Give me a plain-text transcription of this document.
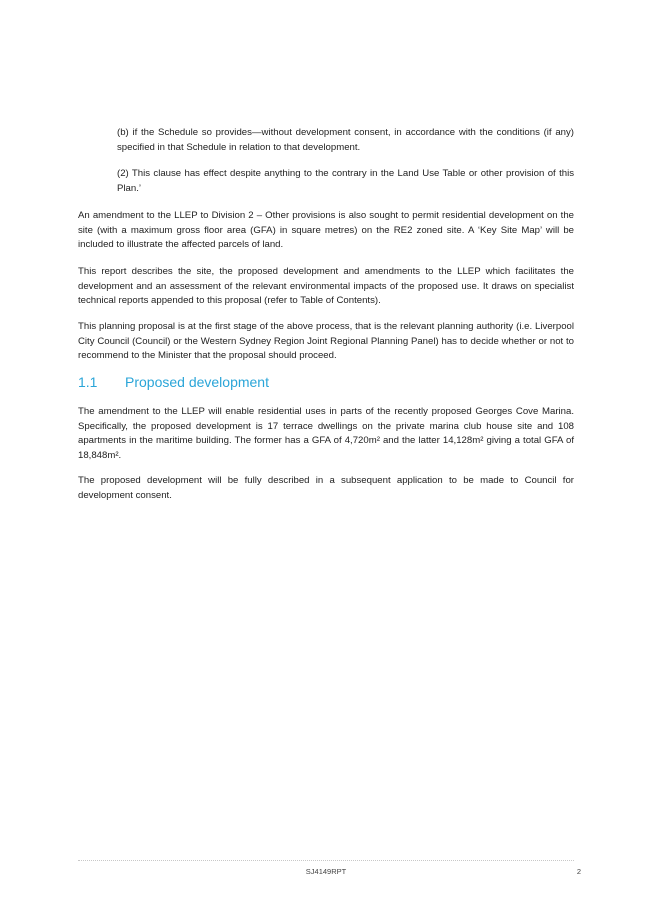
(b) if the Schedule so provides—without development consent, in accordance with the conditions (if any) specified in that Schedule in relation to that development.

(2) This clause has effect despite anything to the contrary in the Land Use Table or other provision of this Plan.’

An amendment to the LLEP to Division 2 – Other provisions is also sought to permit residential development on the site (with a maximum gross floor area (GFA) in square metres) on the RE2 zoned site. A ‘Key Site Map’ will be included to illustrate the affected parcels of land.

This report describes the site, the proposed development and amendments to the LLEP which facilitates the development and an assessment of the relevant environmental impacts of the proposed use. It draws on specialist technical reports appended to this proposal (refer to Table of Contents).

This planning proposal is at the first stage of the above process, that is the relevant planning authority (i.e. Liverpool City Council (Council) or the Western Sydney Region Joint Regional Planning Panel) has to decide whether or not to recommend to the Minister that the proposal should proceed.

1.1	Proposed development

The amendment to the LLEP will enable residential uses in parts of the recently proposed Georges Cove Marina. Specifically, the proposed development is 17 terrace dwellings on the private marina club house site and 108 apartments in the maritime building. The former has a GFA of 4,720m² and the latter 14,128m² giving a total GFA of 18,848m².

The proposed development will be fully described in a subsequent application to be made to Council for development consent.

SJ4149RPT	2
